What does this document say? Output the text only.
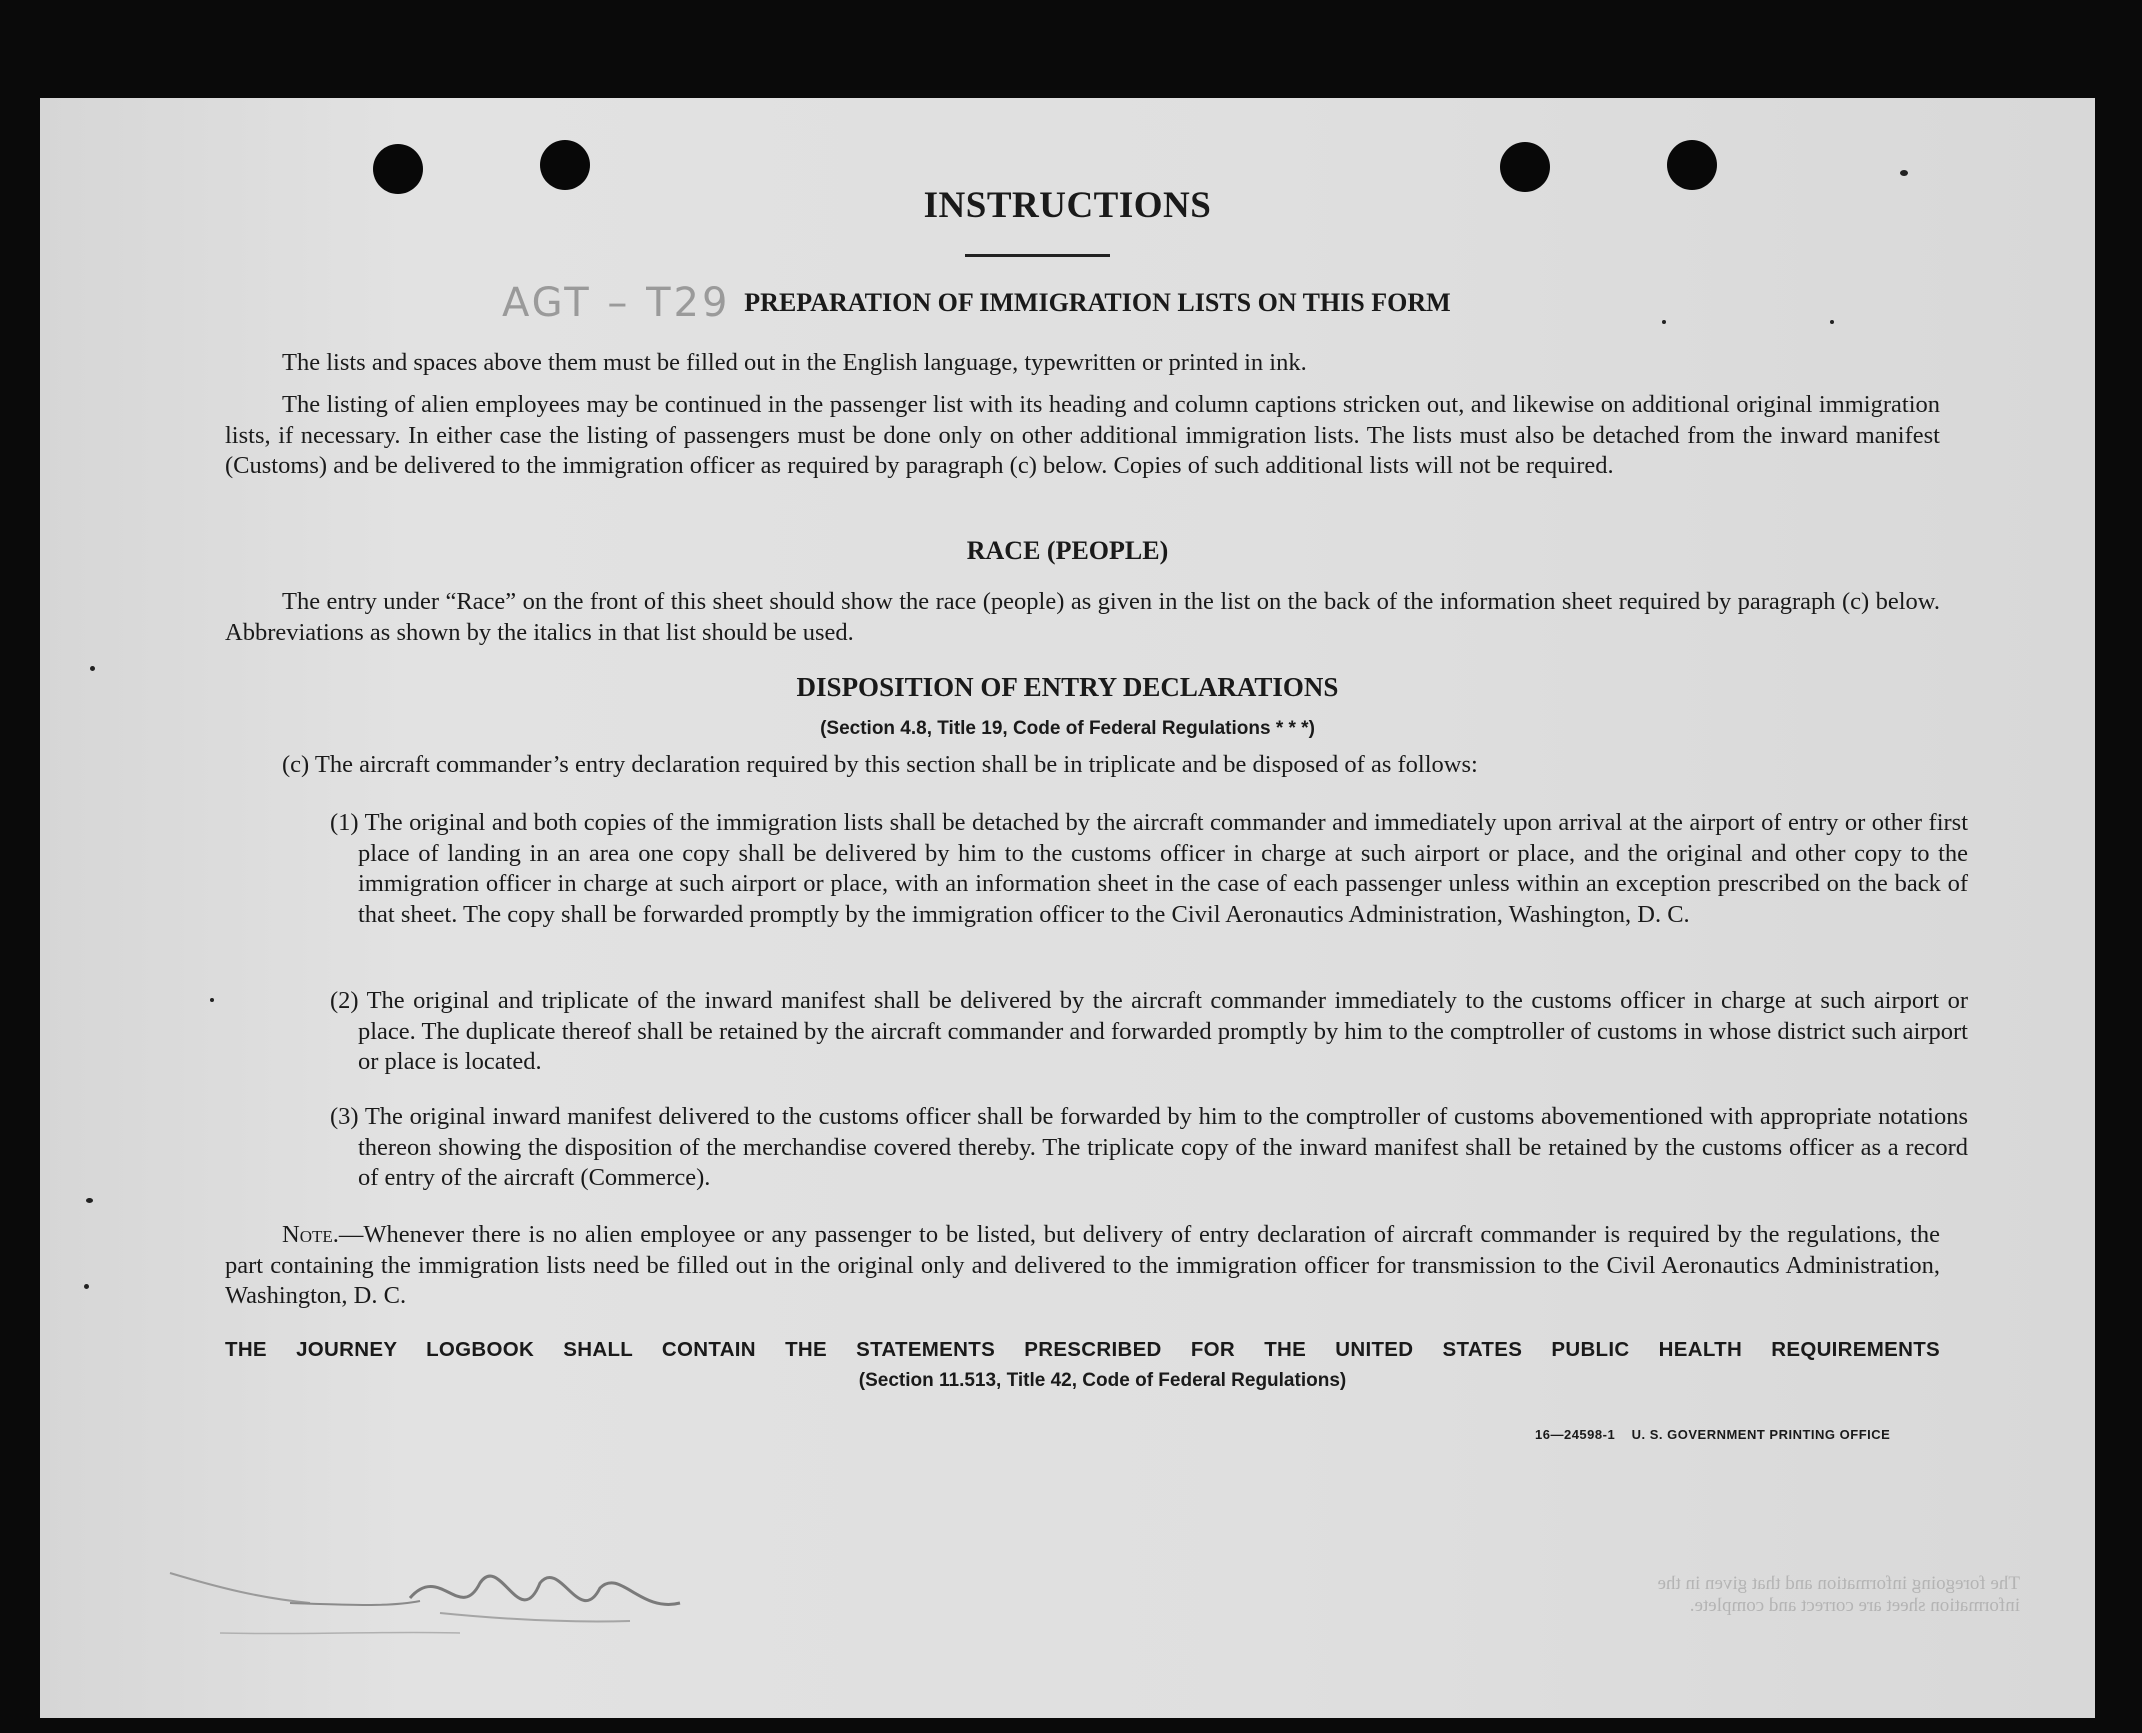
INSTRUCTIONS
AGT – T29 PREPARATION OF IMMIGRATION LISTS ON THIS FORM
The lists and spaces above them must be filled out in the English language, typewritten or printed in ink.
The listing of alien employees may be continued in the passenger list with its heading and column captions stricken out, and likewise on additional original immigration lists, if necessary. In either case the listing of passengers must be done only on other additional immigration lists. The lists must also be detached from the inward manifest (Customs) and be delivered to the immigration officer as required by paragraph (c) below. Copies of such additional lists will not be required.
RACE (PEOPLE)
The entry under “Race” on the front of this sheet should show the race (people) as given in the list on the back of the information sheet required by paragraph (c) below. Abbreviations as shown by the italics in that list should be used.
DISPOSITION OF ENTRY DECLARATIONS
(Section 4.8, Title 19, Code of Federal Regulations * * *)
(c) The aircraft commander’s entry declaration required by this section shall be in triplicate and be disposed of as follows:
(1) The original and both copies of the immigration lists shall be detached by the aircraft commander and immediately upon arrival at the airport of entry or other first place of landing in an area one copy shall be delivered by him to the customs officer in charge at such airport or place, and the original and other copy to the immigration officer in charge at such airport or place, with an information sheet in the case of each passenger unless within an exception prescribed on the back of that sheet. The copy shall be forwarded promptly by the immigration officer to the Civil Aeronautics Administration, Washington, D. C.
(2) The original and triplicate of the inward manifest shall be delivered by the aircraft commander immediately to the customs officer in charge at such airport or place. The duplicate thereof shall be retained by the aircraft commander and forwarded promptly by him to the comptroller of customs in whose district such airport or place is located.
(3) The original inward manifest delivered to the customs officer shall be forwarded by him to the comptroller of customs abovementioned with appropriate notations thereon showing the disposition of the merchandise covered thereby. The triplicate copy of the inward manifest shall be retained by the customs officer as a record of entry of the aircraft (Commerce).
Note.—Whenever there is no alien employee or any passenger to be listed, but delivery of entry declaration of aircraft commander is required by the regulations, the part containing the immigration lists need be filled out in the original only and delivered to the immigration officer for transmission to the Civil Aeronautics Administration, Washington, D. C.
THE JOURNEY LOGBOOK SHALL CONTAIN THE STATEMENTS PRESCRIBED FOR THE UNITED STATES PUBLIC HEALTH REQUIREMENTS
(Section 11.513, Title 42, Code of Federal Regulations)
16—24598-1 U. S. GOVERNMENT PRINTING OFFICE
The foregoing information and that given in the information sheet are correct and complete.
